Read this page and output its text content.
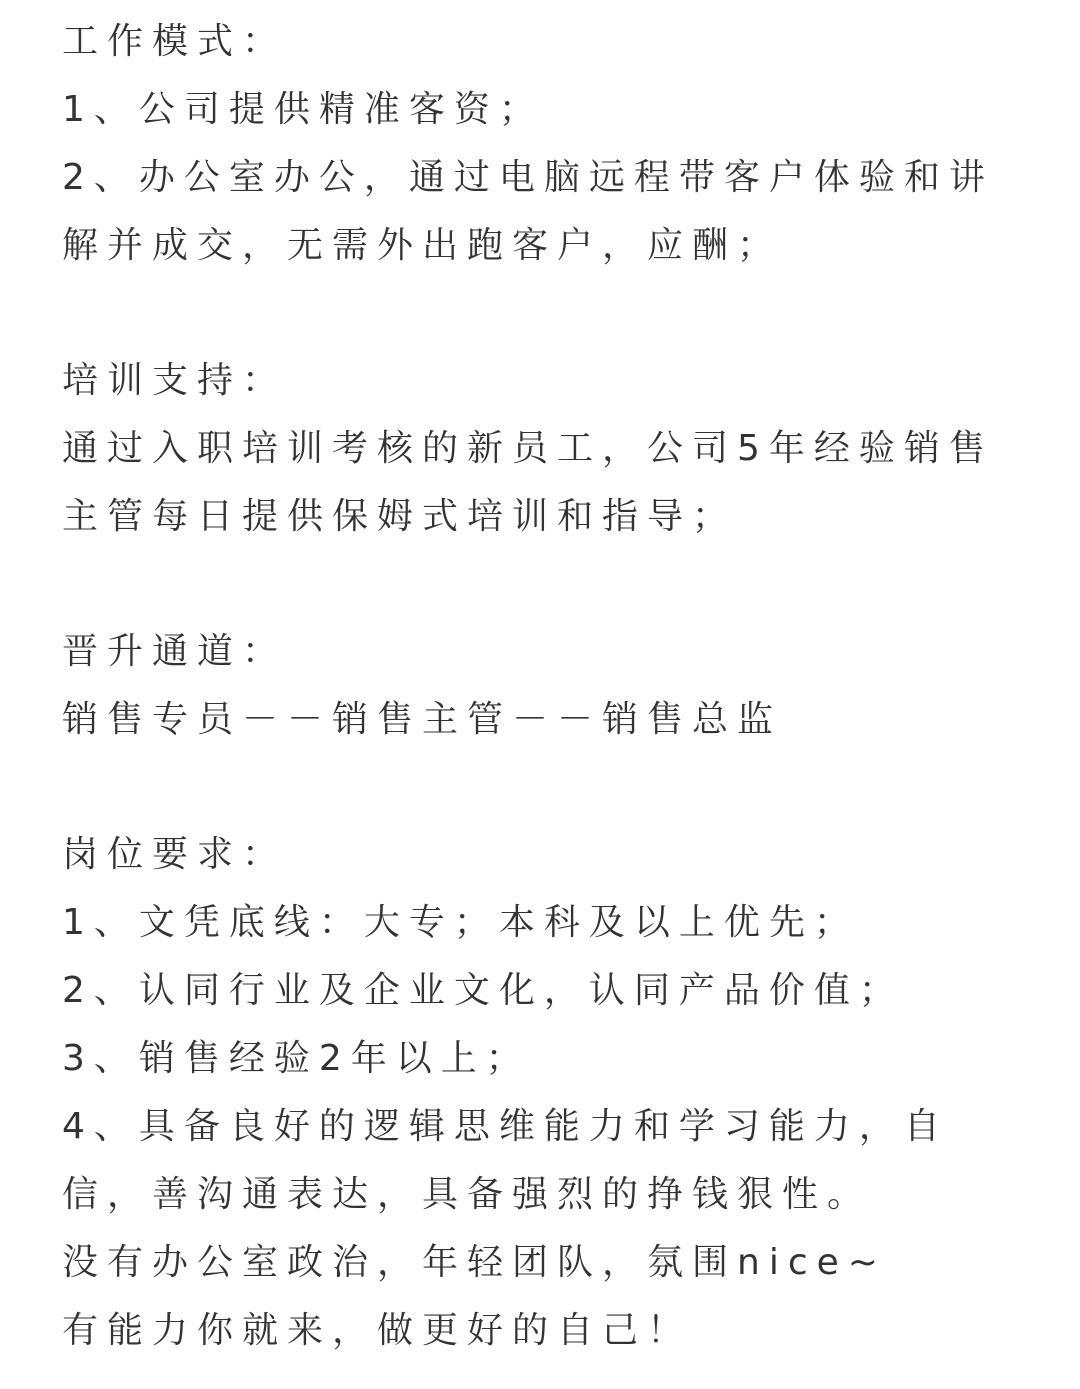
工作模式：
1、公司提供精准客资；
2、办公室办公，通过电脑远程带客户体验和讲
解并成交，无需外出跑客户，应酬；
培训支持：
通过入职培训考核的新员工，公司5年经验销售
主管每日提供保姆式培训和指导；
晋升通道：
销售专员－－销售主管－－销售总监
岗位要求：
1、文凭底线：大专；本科及以上优先；
2、认同行业及企业文化，认同产品价值；
3、销售经验2年以上；
4、具备良好的逻辑思维能力和学习能力，自
信，善沟通表达，具备强烈的挣钱狠性。
没有办公室政治，年轻团队，氛围nice~
有能力你就来，做更好的自己！
